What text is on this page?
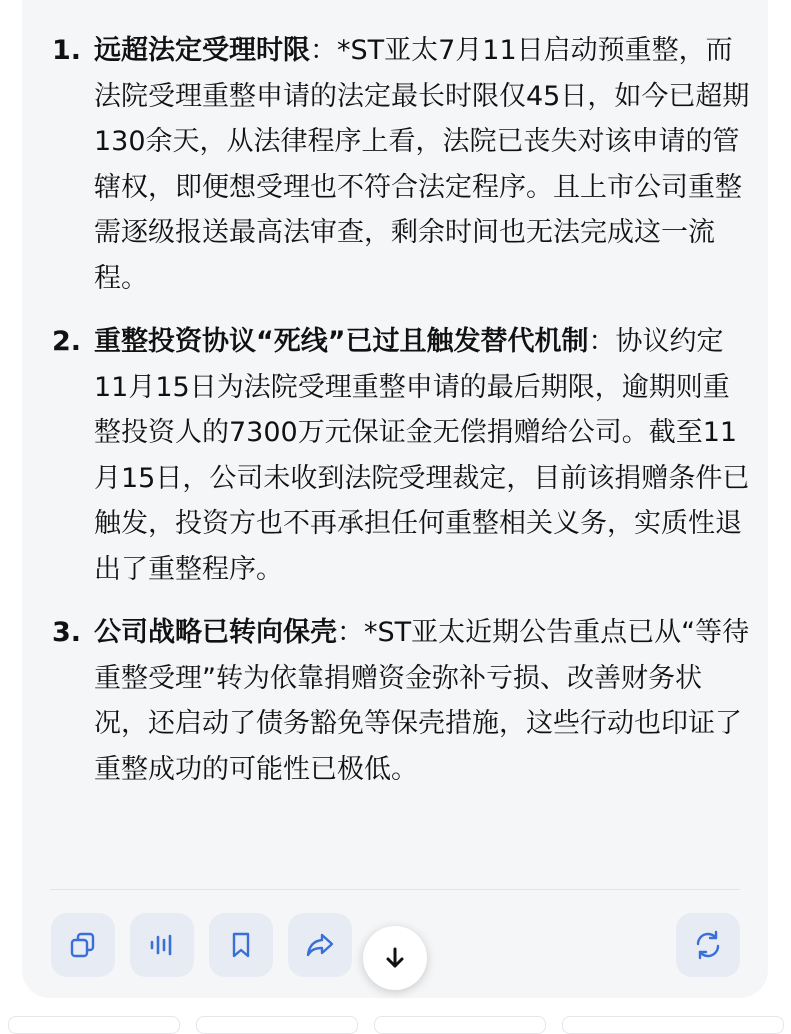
1. 远超法定受理时限：*ST亚太7月11日启动预重整，而法院受理重整申请的法定最长时限仅45日，如今已超期130余天，从法律程序上看，法院已丧失对该申请的管辖权，即便想受理也不符合法定程序。且上市公司重整需逐级报送最高法审查，剩余时间也无法完成这一流程。
2. 重整投资协议“死线”已过且触发替代机制：协议约定11月15日为法院受理重整申请的最后期限，逾期则重整投资人的7300万元保证金无偿捐赠给公司。截至11月15日，公司未收到法院受理裁定，目前该捐赠条件已触发，投资方也不再承担任何重整相关义务，实质性退出了重整程序。
3. 公司战略已转向保壳：*ST亚太近期公告重点已从“等待重整受理”转为依靠捐赠资金弥补亏损、改善财务状况，还启动了债务豁免等保壳措施，这些行动也印证了重整成功的可能性已极低。
